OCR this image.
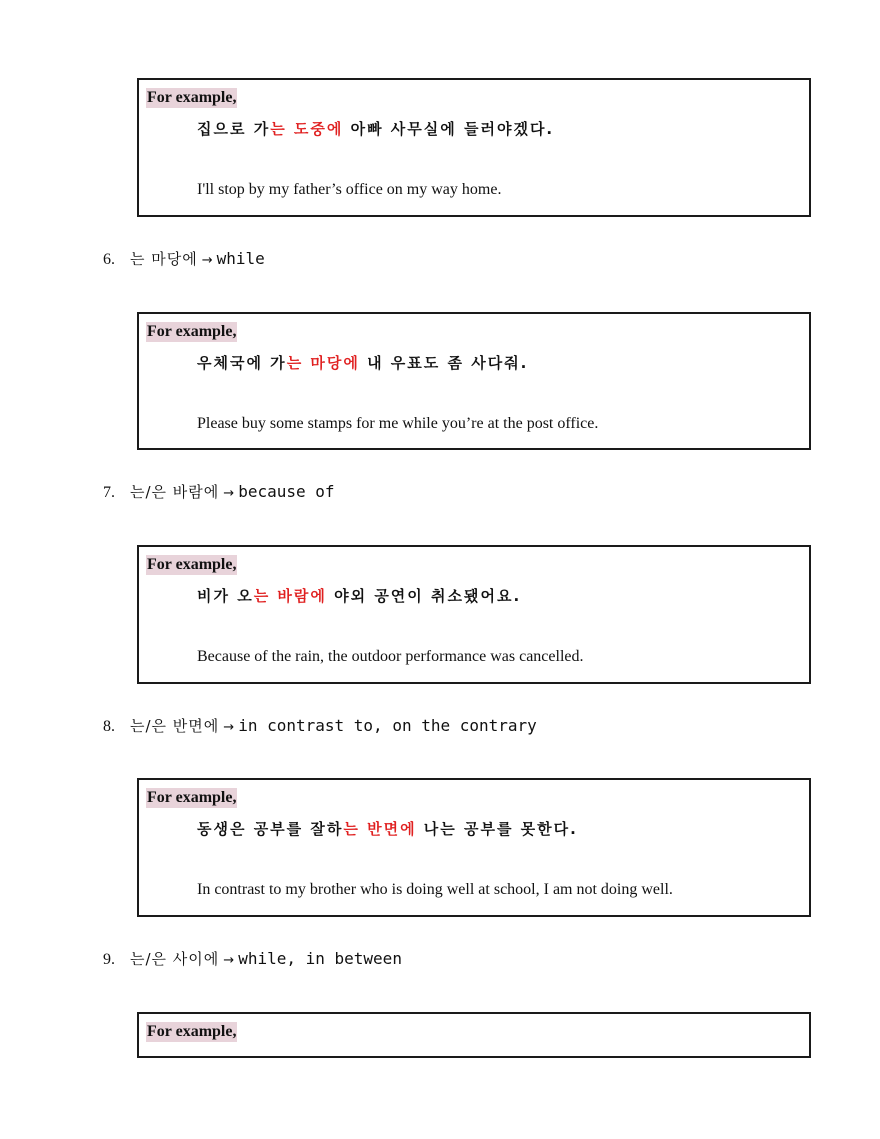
For example,
집으로 가는 도중에 아빠 사무실에 들러야겠다.
I'll stop by my father’s office on my way home.
6. 는 마당에 → while
For example,
우체국에 가는 마당에 내 우표도 좀 사다줘.
Please buy some stamps for me while you’re at the post office.
7. 는/은 바람에 → because of
For example,
비가 오는 바람에 야외 공연이 취소됐어요.
Because of the rain, the outdoor performance was cancelled.
8. 는/은 반면에 → in contrast to, on the contrary
For example,
동생은 공부를 잘하는 반면에 나는 공부를 못한다.
In contrast to my brother who is doing well at school, I am not doing well.
9. 는/은 사이에 → while, in between
For example,
